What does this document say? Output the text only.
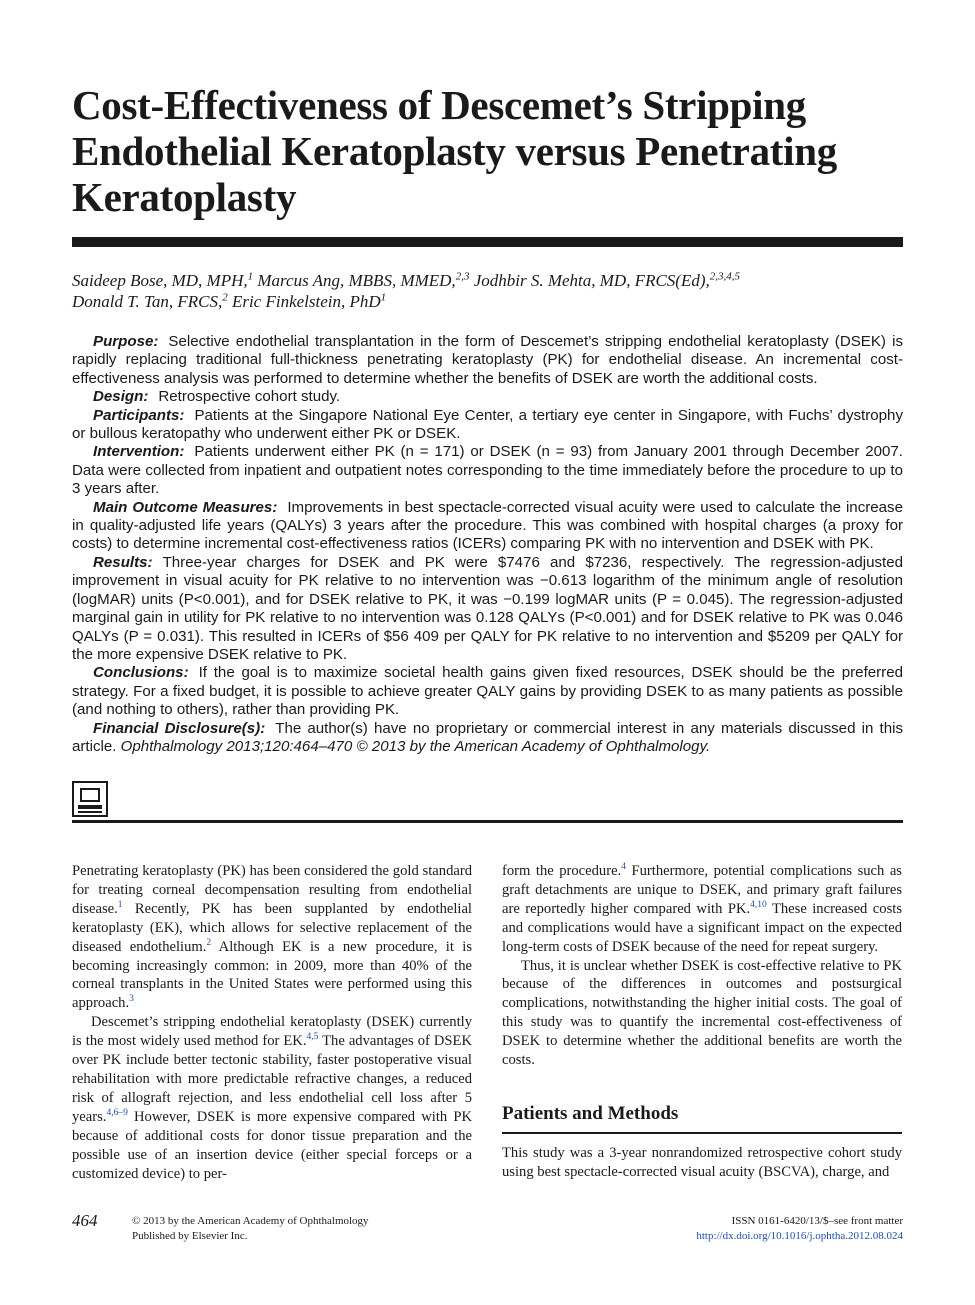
Cost-Effectiveness of Descemet’s Stripping Endothelial Keratoplasty versus Penetrating Keratoplasty
Saideep Bose, MD, MPH,$^1$ Marcus Ang, MBBS, MMED,$^{2,3}$ Jodhbir S. Mehta, MD, FRCS(Ed),$^{2,3,4,5}$
Donald T. Tan, FRCS,$^2$ Eric Finkelstein, PhD$^1$

Purpose: Selective endothelial transplantation in the form of Descemet’s stripping endothelial keratoplasty (DSEK) is rapidly replacing traditional full-thickness penetrating keratoplasty (PK) for endothelial disease. An incremental cost-effectiveness analysis was performed to determine whether the benefits of DSEK are worth the additional costs.

Design: Retrospective cohort study.

Participants: Patients at the Singapore National Eye Center, a tertiary eye center in Singapore, with Fuchs’ dystrophy or bullous keratopathy who underwent either PK or DSEK.

Intervention: Patients underwent either PK (n = 171) or DSEK (n = 93) from January 2001 through December 2007. Data were collected from inpatient and outpatient notes corresponding to the time immediately before the procedure to up to 3 years after.

Main Outcome Measures: Improvements in best spectacle-corrected visual acuity were used to calculate the increase in quality-adjusted life years (QALYs) 3 years after the procedure. This was combined with hospital charges (a proxy for costs) to determine incremental cost-effectiveness ratios (ICERs) comparing PK with no intervention and DSEK with PK.

Results: Three-year charges for DSEK and PK were $7476 and $7236, respectively. The regression-adjusted improvement in visual acuity for PK relative to no intervention was −0.613 logarithm of the minimum angle of resolution (logMAR) units (P<0.001), and for DSEK relative to PK, it was −0.199 logMAR units (P = 0.045). The regression-adjusted marginal gain in utility for PK relative to no intervention was 0.128 QALYs (P<0.001) and for DSEK relative to PK was 0.046 QALYs (P = 0.031). This resulted in ICERs of $56 409 per QALY for PK relative to no intervention and $5209 per QALY for the more expensive DSEK relative to PK.

Conclusions: If the goal is to maximize societal health gains given fixed resources, DSEK should be the preferred strategy. For a fixed budget, it is possible to achieve greater QALY gains by providing DSEK to as many patients as possible (and nothing to others), rather than providing PK.

Financial Disclosure(s): The author(s) have no proprietary or commercial interest in any materials discussed in this article. Ophthalmology 2013;120:464–470 © 2013 by the American Academy of Ophthalmology.

Penetrating keratoplasty (PK) has been considered the gold standard for treating corneal decompensation resulting from endothelial disease.$^1$ Recently, PK has been supplanted by endothelial keratoplasty (EK), which allows for selective replacement of the diseased endothelium.$^2$ Although EK is a new procedure, it is becoming increasingly common: in 2009, more than 40% of the corneal transplants in the United States were performed using this approach.$^3$

Descemet’s stripping endothelial keratoplasty (DSEK) currently is the most widely used method for EK.$^{4,5}$ The advantages of DSEK over PK include better tectonic stability, faster postoperative visual rehabilitation with more predictable refractive changes, a reduced risk of allograft rejection, and less endothelial cell loss after 5 years.$^{4,6-9}$ However, DSEK is more expensive compared with PK because of additional costs for donor tissue preparation and the possible use of an insertion device (either special forceps or a customized device) to per-

form the procedure.$^4$ Furthermore, potential complications such as graft detachments are unique to DSEK, and primary graft failures are reportedly higher compared with PK.$^{4,10}$ These increased costs and complications would have a significant impact on the expected long-term costs of DSEK because of the need for repeat surgery.

Thus, it is unclear whether DSEK is cost-effective relative to PK because of the differences in outcomes and postsurgical complications, notwithstanding the higher initial costs. The goal of this study was to quantify the incremental cost-effectiveness of DSEK to determine whether the additional benefits are worth the costs.

Patients and Methods

This study was a 3-year nonrandomized retrospective cohort study using best spectacle-corrected visual acuity (BSCVA), charge, and

464	© 2013 by the American Academy of Ophthalmology
Published by Elsevier Inc.
ISSN 0161-6420/13/$–see front matter
http://dx.doi.org/10.1016/j.ophtha.2012.08.024
